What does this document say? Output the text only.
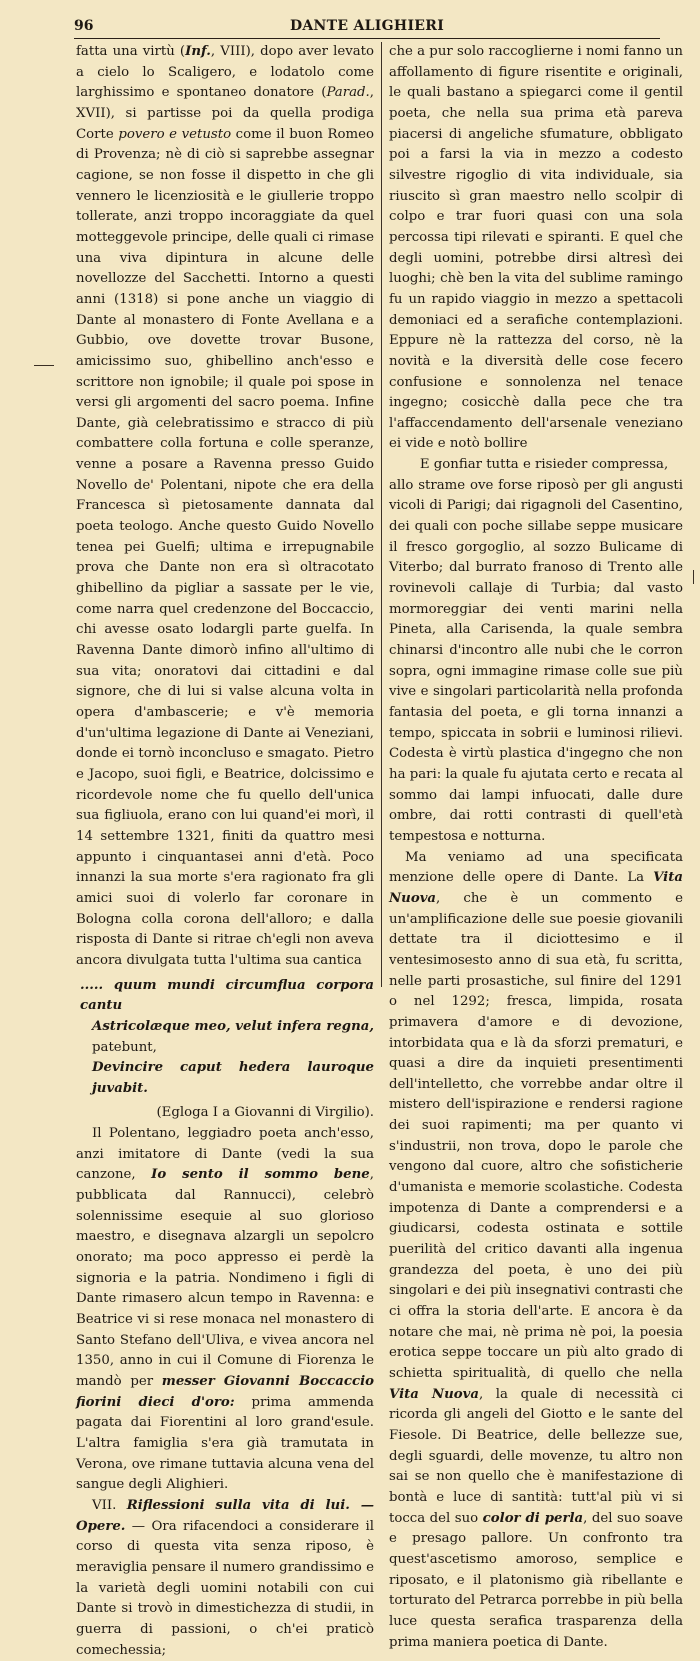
96	DANTE ALIGHIERI

fatta una virtù (Inf., VIII), dopo aver levato a cielo lo Scaligero, e lodatolo come larghissimo e spontaneo donatore (Parad., XVII), si partisse poi da quella prodiga Corte povero e vetusto come il buon Romeo di Provenza; nè di ciò si saprebbe assegnar cagione, se non fosse il dispetto in che gli vennero le licenziosità e le giullerie troppo tollerate, anzi troppo incoraggiate da quel motteggevole principe, delle quali ci rimase una viva dipintura in alcune delle novellozze del Sacchetti. Intorno a questi anni (1318) si pone anche un viaggio di Dante al monastero di Fonte Avellana e a Gubbio, ove dovette trovar Busone, amicissimo suo, ghibellino anch'esso e scrittore non ignobile; il quale poi spose in versi gli argomenti del sacro poema. Infine Dante, già celebratissimo e stracco di più combattere colla fortuna e colle speranze, venne a posare a Ravenna presso Guido Novello de' Polentani, nipote che era della Francesca sì pietosamente dannata dal poeta teologo. Anche questo Guido Novello tenea pei Guelfi; ultima e irrepugnabile prova che Dante non era sì oltracotato ghibellino da pigliar a sassate per le vie, come narra quel credenzone del Boccaccio, chi avesse osato lodargli parte guelfa. In Ravenna Dante dimorò infino all'ultimo di sua vita; onoratovi dai cittadini e dal signore, che di lui si valse alcuna volta in opera d'ambascerie; e v'è memoria d'un'ultima legazione di Dante ai Veneziani, donde ei tornò inconcluso e smagato. Pietro e Jacopo, suoi figli, e Beatrice, dolcissimo e ricordevole nome che fu quello dell'unica sua figliuola, erano con lui quand'ei morì, il 14 settembre 1321, finiti da quattro mesi appunto i cinquantasei anni d'età. Poco innanzi la sua morte s'era ragionato fra gli amici suoi di volerlo far coronare in Bologna colla corona dell'alloro; e dalla risposta di Dante si ritrae ch'egli non aveva ancora divulgata tutta l'ultima sua cantica

..... quum mundi circumflua corpora cantu
Astricolæque meo, velut infera regna, patebunt,
Devincire caput hedera lauroque juvabit.

(Egloga I a Giovanni di Virgilio).

Il Polentano, leggiadro poeta anch'esso, anzi imitatore di Dante (vedi la sua canzone, Io sento il sommo bene, pubblicata dal Rannucci), celebrò solennissime esequie al suo glorioso maestro, e disegnava alzargli un sepolcro onorato; ma poco appresso ei perdè la signoria e la patria. Nondimeno i figli di Dante rimasero alcun tempo in Ravenna: e Beatrice vi si rese monaca nel monastero di Santo Stefano dell'Uliva, e vivea ancora nel 1350, anno in cui il Comune di Fiorenza le mandò per messer Giovanni Boccaccio fiorini dieci d'oro: prima ammenda pagata dai Fiorentini al loro grand'esule. L'altra famiglia s'era già tramutata in Verona, ove rimane tuttavia alcuna vena del sangue degli Alighieri.

VII. Riflessioni sulla vita di lui. — Opere. — Ora rifacendoci a considerare il corso di questa vita senza riposo, è meraviglia pensare il numero grandissimo e la varietà degli uomini notabili con cui Dante si trovò in dimestichezza di studii, in guerra di passioni, o ch'ei praticò comechessia;

che a pur solo raccoglierne i nomi fanno un affollamento di figure risentite e originali, le quali bastano a spiegarci come il gentil poeta, che nella sua prima età pareva piacersi di angeliche sfumature, obbligato poi a farsi la via in mezzo a codesto silvestre rigoglio di vita individuale, sia riuscito sì gran maestro nello scolpir di colpo e trar fuori quasi con una sola percossa tipi rilevati e spiranti. E quel che degli uomini, potrebbe dirsi altresì dei luoghi; chè ben la vita del sublime ramingo fu un rapido viaggio in mezzo a spettacoli demoniaci ed a serafiche contemplazioni. Eppure nè la rattezza del corso, nè la novità e la diversità delle cose fecero confusione e sonnolenza nel tenace ingegno; cosicchè dalla pece che tra l'affaccendamento dell'arsenale veneziano ei vide e notò bollire

E gonfiar tutta e risieder compressa,

allo strame ove forse riposò per gli angusti vicoli di Parigi; dai rigagnoli del Casentino, dei quali con poche sillabe seppe musicare il fresco gorgoglio, al sozzo Bulicame di Viterbo; dal burrato franoso di Trento alle rovinevoli callaje di Turbia; dal vasto mormoreggiar dei venti marini nella Pineta, alla Carisenda, la quale sembra chinarsi d'incontro alle nubi che le corron sopra, ogni immagine rimase colle sue più vive e singolari particolarità nella profonda fantasia del poeta, e gli torna innanzi a tempo, spiccata in sobrii e luminosi rilievi. Codesta è virtù plastica d'ingegno che non ha pari: la quale fu ajutata certo e recata al sommo dai lampi infuocati, dalle dure ombre, dai rotti contrasti di quell'età tempestosa e notturna.

Ma veniamo ad una specificata menzione delle opere di Dante. La Vita Nuova, che è un commento e un'amplificazione delle sue poesie giovanili dettate tra il diciottesimo e il ventesimosesto anno di sua età, fu scritta, nelle parti prosastiche, sul finire del 1291 o nel 1292; fresca, limpida, rosata primavera d'amore e di devozione, intorbidata qua e là da sforzi prematuri, e quasi a dire da inquieti presentimenti dell'intelletto, che vorrebbe andar oltre il mistero dell'ispirazione e rendersi ragione dei suoi rapimenti; ma per quanto vi s'industrii, non trova, dopo le parole che vengono dal cuore, altro che sofisticherie d'umanista e memorie scolastiche. Codesta impotenza di Dante a comprendersi e a giudicarsi, codesta ostinata e sottile puerilità del critico davanti alla ingenua grandezza del poeta, è uno dei più singolari e dei più insegnativi contrasti che ci offra la storia dell'arte. E ancora è da notare che mai, nè prima nè poi, la poesia erotica seppe toccare un più alto grado di schietta spiritualità, di quello che nella Vita Nuova, la quale di necessità ci ricorda gli angeli del Giotto e le sante del Fiesole. Di Beatrice, delle bellezze sue, degli sguardi, delle movenze, tu altro non sai se non quello che è manifestazione di bontà e luce di santità: tutt'al più vi si tocca del suo color di perla, del suo soave e presago pallore. Un confronto tra quest'ascetismo amoroso, semplice e riposato, e il platonismo già ribellante e torturato del Petrarca porrebbe in più bella luce questa serafica trasparenza della prima maniera poetica di Dante.
